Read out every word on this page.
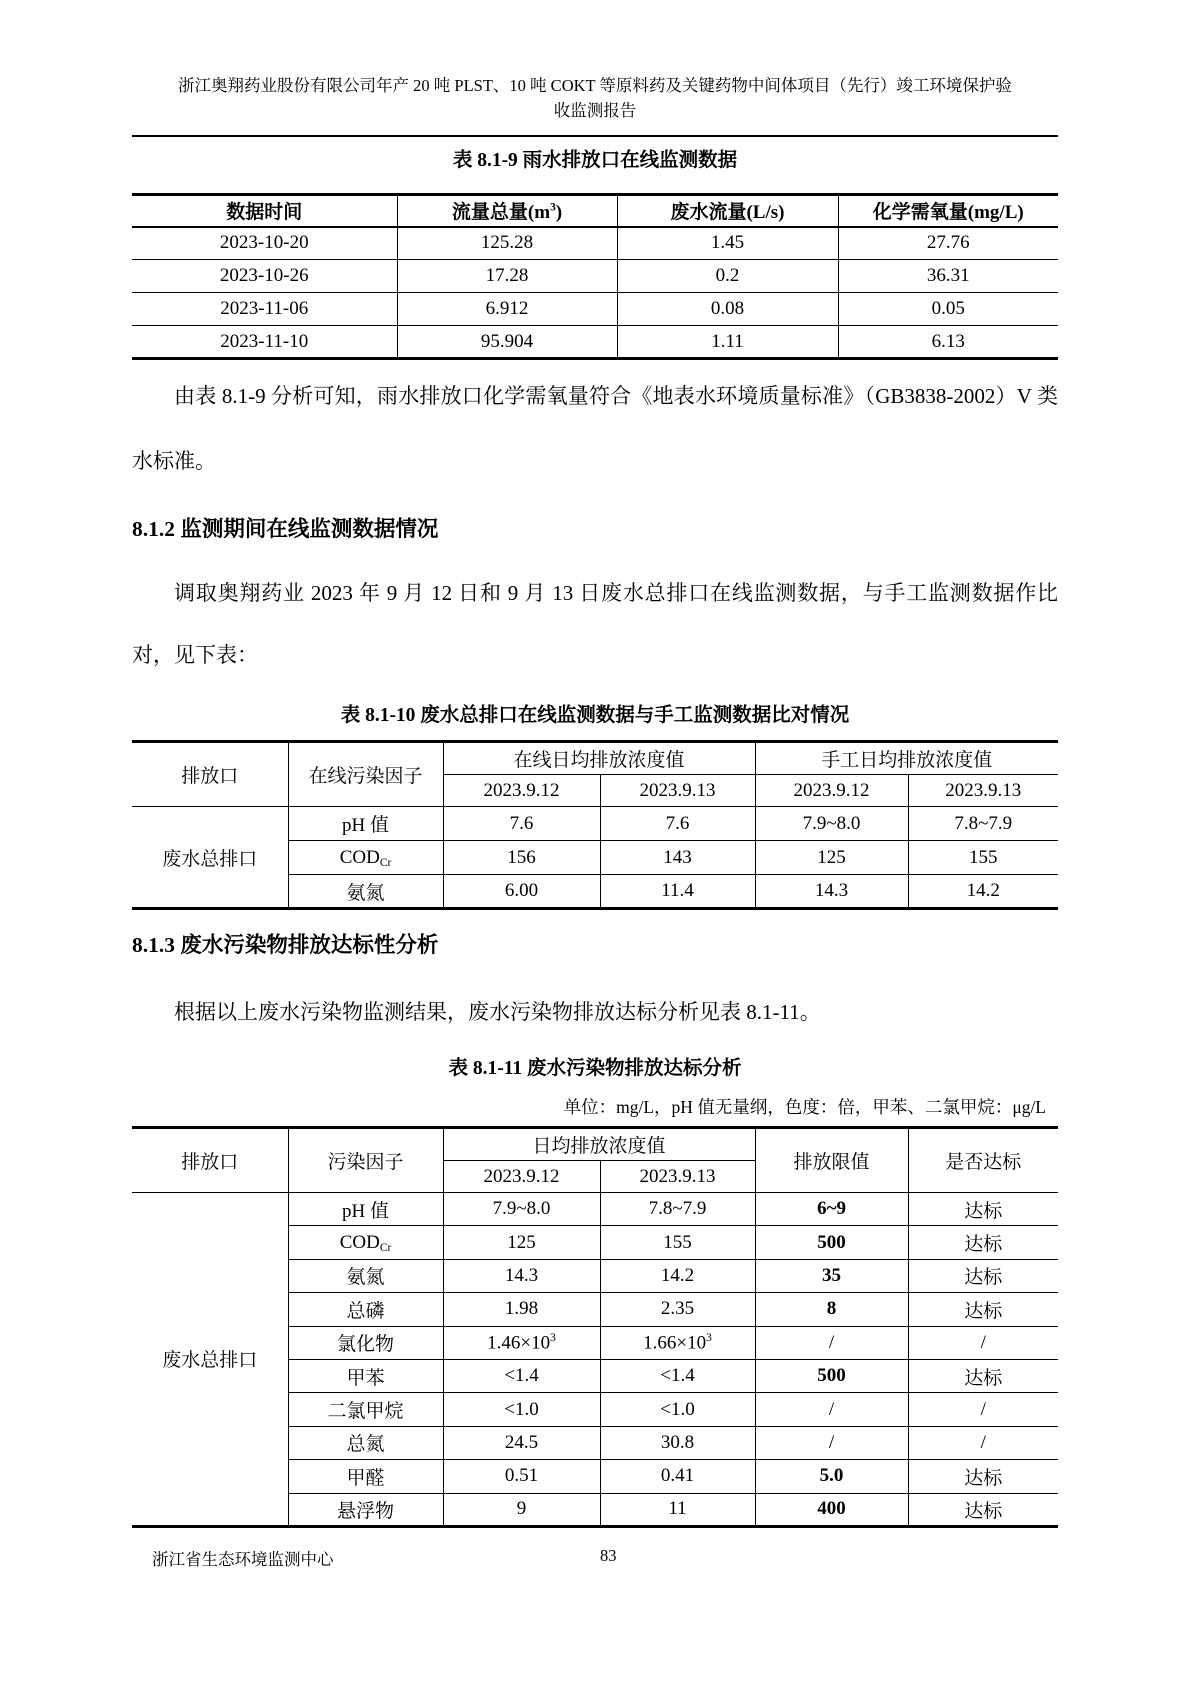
浙江奥翔药业股份有限公司年产 20 吨 PLST、10 吨 COKT 等原料药及关键药物中间体项目（先行）竣工环境保护验
收监测报告
表 8.1-9 雨水排放口在线监测数据
数据时间	流量总量$(m^3)$	废水流量(L/s)	化学需氧量(mg/L)
2023-10-20	125.28	1.45	27.76
2023-10-26	17.28	0.2	36.31
2023-11-06	6.912	0.08	0.05
2023-11-10	95.904	1.11	6.13
由表 8.1-9 分析可知，雨水排放口化学需氧量符合《地表水环境质量标准》（GB3838-2002）V 类水标准。
8.1.2 监测期间在线监测数据情况
调取奥翔药业 2023 年 9 月 12 日和 9 月 13 日废水总排口在线监测数据，与手工监测数据作比对，见下表：
表 8.1-10 废水总排口在线监测数据与手工监测数据比对情况
排放口	在线污染因子	在线日均排放浓度值		手工日均排放浓度值	
		2023.9.12	2023.9.13	2023.9.12	2023.9.13
废水总排口	pH 值	7.6	7.6	7.9~8.0	7.8~7.9
	CODCr	156	143	125	155
	氨氮	6.00	11.4	14.3	14.2
8.1.3 废水污染物排放达标性分析
根据以上废水污染物监测结果，废水污染物排放达标分析见表 8.1-11。
表 8.1-11 废水污染物排放达标分析
单位：mg/L，pH 值无量纲，色度：倍，甲苯、二氯甲烷：μg/L
排放口	污染因子	日均排放浓度值		排放限值	是否达标
		2023.9.12	2023.9.13		
废水总排口	pH 值	7.9~8.0	7.8~7.9	6~9	达标
	CODCr	125	155	500	达标
	氨氮	14.3	14.2	35	达标
	总磷	1.98	2.35	8	达标
	氯化物	$1.46\times 10^3$	$1.66\times 10^3$	/	/
	甲苯	<1.4	<1.4	500	达标
	二氯甲烷	<1.0	<1.0	/	/
	总氮	24.5	30.8	/	/
	甲醛	0.51	0.41	5.0	达标
	悬浮物	9	11	400	达标
浙江省生态环境监测中心	83
